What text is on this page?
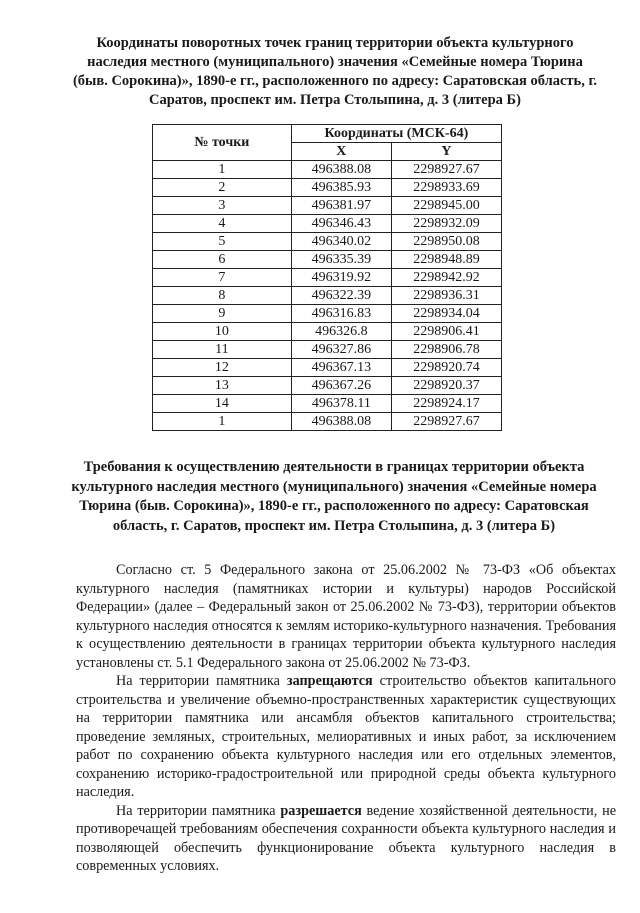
Координаты поворотных точек границ территории объекта культурного наследия местного (муниципального) значения «Семейные номера Тюрина (быв. Сорокина)», 1890-е гг., расположенного по адресу: Саратовская область, г. Саратов, проспект им. Петра Столыпина, д. 3 (литера Б)
№ точки	Координаты (МСК-64)	
	X	Y
1	496388.08	2298927.67
2	496385.93	2298933.69
3	496381.97	2298945.00
4	496346.43	2298932.09
5	496340.02	2298950.08
6	496335.39	2298948.89
7	496319.92	2298942.92
8	496322.39	2298936.31
9	496316.83	2298934.04
10	496326.8	2298906.41
11	496327.86	2298906.78
12	496367.13	2298920.74
13	496367.26	2298920.37
14	496378.11	2298924.17
1	496388.08	2298927.67
Требования к осуществлению деятельности в границах территории объекта культурного наследия местного (муниципального) значения «Семейные номера Тюрина (быв. Сорокина)», 1890-е гг., расположенного по адресу: Саратовская область, г. Саратов, проспект им. Петра Столыпина, д. 3 (литера Б)

Согласно ст. 5 Федерального закона от 25.06.2002 № 73-ФЗ «Об объектах культурного наследия (памятниках истории и культуры) народов Российской Федерации» (далее – Федеральный закон от 25.06.2002 № 73-ФЗ), территории объектов культурного наследия относятся к землям историко-культурного назначения. Требования к осуществлению деятельности в границах территории объекта культурного наследия установлены ст. 5.1 Федерального закона от 25.06.2002 № 73-ФЗ.

На территории памятника запрещаются строительство объектов капитального строительства и увеличение объемно-пространственных характеристик существующих на территории памятника или ансамбля объектов капитального строительства; проведение земляных, строительных, мелиоративных и иных работ, за исключением работ по сохранению объекта культурного наследия или его отдельных элементов, сохранению историко-градостроительной или природной среды объекта культурного наследия.

На территории памятника разрешается ведение хозяйственной деятельности, не противоречащей требованиям обеспечения сохранности объекта культурного наследия и позволяющей обеспечить функционирование объекта культурного наследия в современных условиях.
